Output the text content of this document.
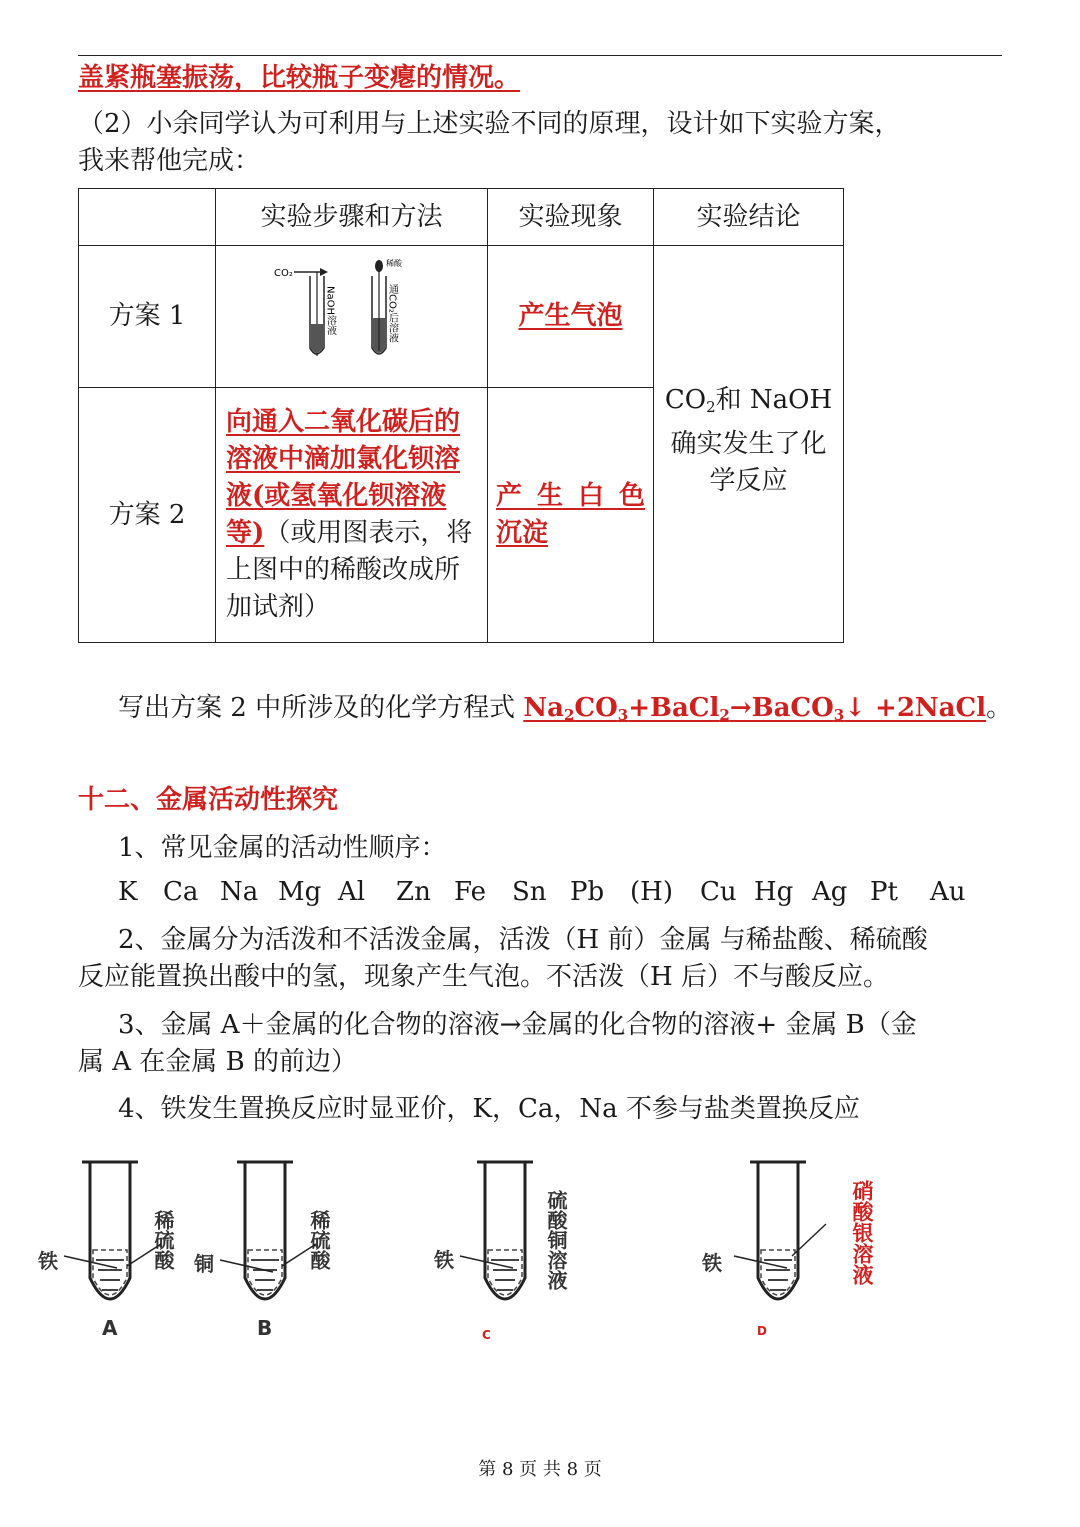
盖紧瓶塞振荡，比较瓶子变瘪的情况。
（2）小余同学认为可利用与上述实验不同的原理，设计如下实验方案，
我来帮他完成：
	实验步骤和方法	实验现象	实验结论
方案 1	CO₂
NaOH溶液
稀酸
通CO₂后溶液	产生气泡	$CO_2$和 NaOH 确实发生了化学反应

方案 2	向通入二氧化碳后的溶液中滴加氯化钡溶液(或氢氧化钡溶液等)（或用图表示，将上图中的稀酸改成所加试剂）	产 生 白 色 沉淀	
写出方案 2 中所涉及的化学方程式 $Na_2CO_3+BaCl_2\to BaCO_3↓$ +2NaCl。
十二、金属活动性探究
1、常见金属的活动性顺序：
K Ca Na Mg Al Zn Fe Sn Pb (H) Cu Hg Ag Pt Au
2、金属分为活泼和不活泼金属，活泼（H 前）金属 与稀盐酸、稀硫酸
反应能置换出酸中的氢，现象产生气泡。不活泼（H 后）不与酸反应。
3、金属 A＋金属的化合物的溶液→金属的化合物的溶液+ 金属 B（金
属 A 在金属 B 的前边）
4、铁发生置换反应时显亚价，K，Ca，Na 不参与盐类置换反应
铁	稀硫酸
A
铜	稀硫酸
B
铁	硫酸铜溶液
C
铁	硝酸银溶液
D
第 8 页 共 8 页
